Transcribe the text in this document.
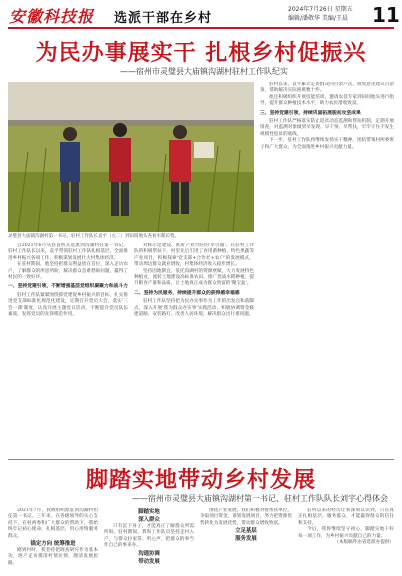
安徽科技报 选派干部在乡村
2024年7月26日 星期五
编辑/潘敬华 美编/王晨 11
为民办事展实干 扎根乡村促振兴
——宿州市灵璧县大庙镇沟湖村驻村工作队纪实
灵璧县大庙镇沟湖村第一书记、驻村工作队长袁平（左二）到田间地头查看水稻长势。

自2021年6月从县直机关选派到沟湖村任第一书记、驻村工作队长以来，袁平带领驻村工作队扎根基层，全面推进乡村振兴各项工作，积极谋划发展壮大村集体经济。

在驻村期间，他坚持把群众利益放在首位，深入走访农户，了解群众的所思所盼，解决群众急难愁盼问题，赢得了村民的一致好评。

一、坚持党建引领，不断增强基层党组织凝聚力和战斗力

驻村工作队紧紧围绕抓党建促乡村振兴的目标，扎实推进党支部标准化规范化建设，定期召开党员大会，落实'三会一课'制度，认真开展主题党日活动，不断提升党员队伍素质，发挥党员的先锋模范作用。

对标示范建设，抓好产业兴旺的'牵引器'。在驻村工作队的积极帮扶下，村里先后引进了食用菌种植、特色果蔬等产业项目，积极探索'党支部+合作社+农户'的发展模式，带动周边群众就业增收，村集体经济收入稳步增长。

坚持因地制宜，依托沟湖村的资源禀赋，大力发展特色种植业，流转土地建设高标准农田，推广优质水稻种植，提升粮食产量和品质，让土地真正成为群众致富的'聚宝盆'。

二、坚持为民服务，持续提升群众的获得感幸福感

驻村工作队坚持把为民办实事作为工作的出发点和落脚点，深入开展'我为群众办实事'实践活动，积极协调资金修建道路、安装路灯、改善人居环境，解决群众出行难问题。

驻村以来，袁平累计走访群众四百余户次，收集意见建议百余条，帮助解决实际困难数十件。

他还积极组织开展技能培训，邀请农技专家到田间地头进行指导，提升群众种植技术水平，助力农民增收致富。

三、坚持党建引领，持续巩固拓展脱贫攻坚成果

驻村工作队严格落实防止返贫动态监测和帮扶机制，定期开展排查，对监测对象做到早发现、早干预、早帮扶，牢牢守住不发生规模性返贫的底线。

下一步，驻村工作队将继续发扬实干精神，团结带领村两委班子和广大群众，为全面推进乡村振兴贡献力量。

脚踏实地带动乡村发展
——宿州市灵璧县大庙镇沟湖村第一书记、驻村工作队队长刘宇心得体会

2021年7月，我被组织派驻到沟湖村担任第一书记。三年来，在各级领导的关心支持下，在村两委和广大群众的帮助下，我始终牢记初心使命，扎根基层，用心用情服务群众。

锚定方向 统筹推进

刚到村时，我坚持把调查研究作为基本功，逐户走访摸清村情民情，理清发展思路。

脚踏实地

深入群众

只有沉下身子，才能真正了解群众所需所盼。驻村期间，我和工作队员坚持走村入户，与群众拉家常、听心声，把群众的事当作自己的事来办。

沟通协调

带动发展

围绕产业发展，我们积极对接帮扶单位，争取项目资金，谋划发展项目，努力把资源优势转化为发展优势，带动群众增收致富。

立足基层

服务发展

驻村以来的经历让我深刻认识到，只有真正扎根基层、服务群众，才能赢得群众的信任和支持。

今后，我将继续坚守初心，脚踏实地干好每一项工作，为乡村振兴贡献自己的力量。

（本版稿件由省选派办提供）
